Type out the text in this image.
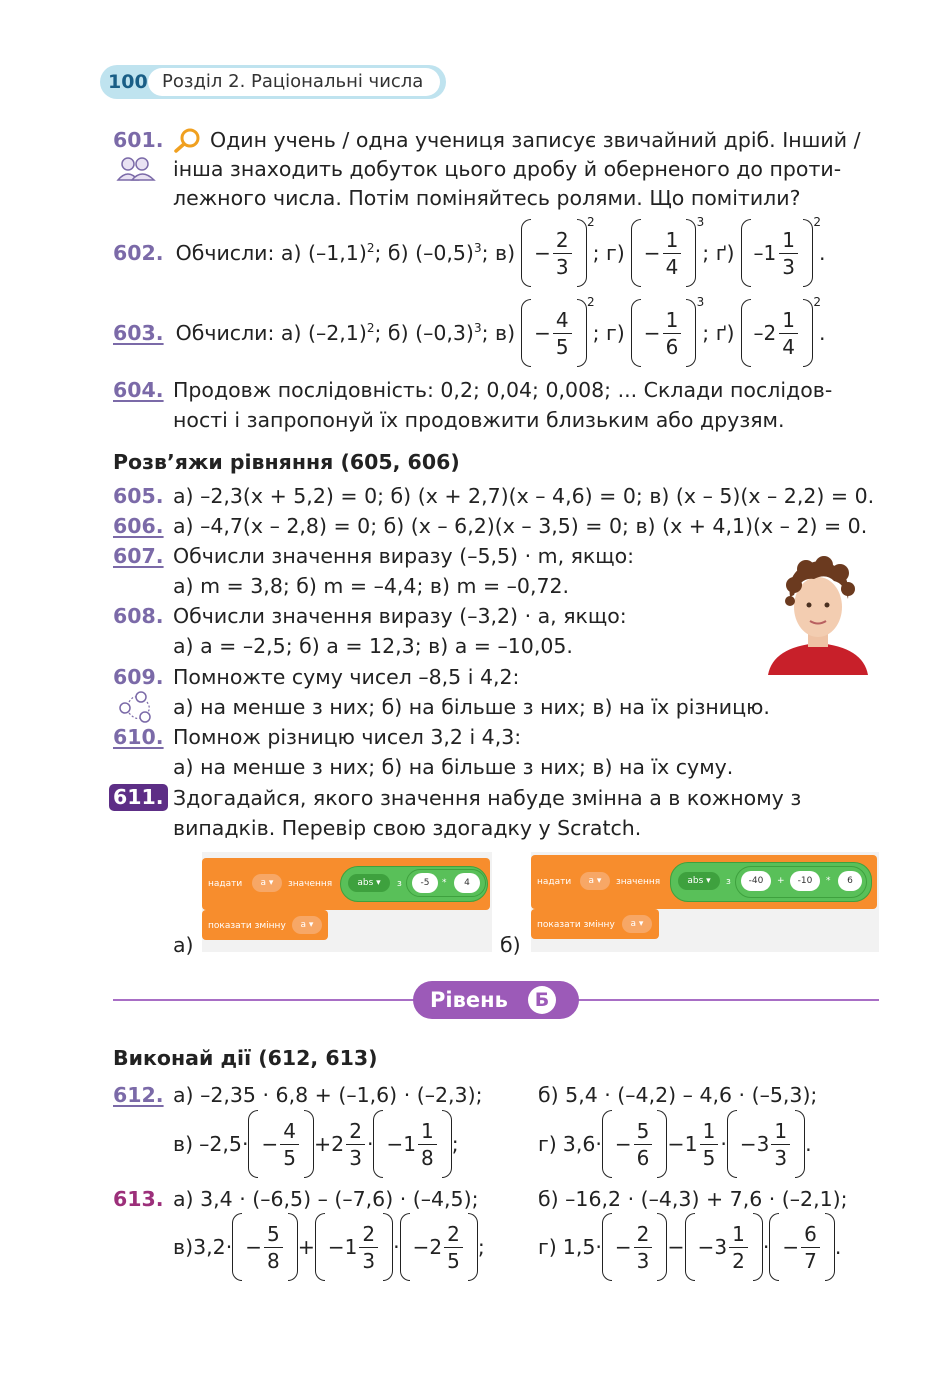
100 Розділ 2. Раціональні числа
601. Один учень / одна учениця записує звичайний дріб. Інший /
інша знаходить добуток цього дробу й оберненого до проти-
лежного числа. Потім поміняйтесь ролями. Що помітили?
602. Обчисли: а) $(-1,1)^2$; б) $(-0,5)^3$; $в) - \frac{2}{3}$
$^2$
; $г) - \frac{1}{4}$
$^3$
; ґ) $-1 \frac{1}{3}$
$^2$
.
603. Обчисли: а) $(-2,1)^2$; б) $(-0,3)^3$; $в) - \frac{4}{5}$
$^2$
; $г) - \frac{1}{6}$
$^3$
; ґ) $-2 \frac{1}{4}$
$^2$
.
604. Продовж послідовність: 0,2; 0,04; 0,008; ... Склади послідов-
ності і запропонуй їх продовжити близьким або друзям.
Розв’яжи рівняння (605, 606)
605. а) –2,3(x + 5,2) = 0; б) (x + 2,7)(x – 4,6) = 0; в) (x – 5)(x – 2,2) = 0.
606. а) –4,7(x – 2,8) = 0; б) (x – 6,2)(x – 3,5) = 0; в) (x + 4,1)(x – 2) = 0.
607. Обчисли значення виразу (–5,5) · m, якщо:
а) m = 3,8; б) m = –4,4; в) m = –0,72.
608. Обчисли значення виразу (–3,2) · a, якщо:
а) a = –2,5; б) a = 12,3; в) a = –10,05.
609. Помножте суму чисел –8,5 і 4,2:
а) на менше з них; б) на більше з них; в) на їх різницю.
610. Помнож різницю чисел 3,2 і 4,3:
а) на менше з них; б) на більше з них; в) на їх суму.
611. Здогадайся, якого значення набуде змінна a в кожному з
випадків. Перевір свою здогадку у Scratch.
а)
надати	a ▾	значення	abs ▾	з	-5	*	4
показати змінну	a ▾
б)
надати	a ▾	значення	abs ▾	з	-40	+	-10	*	6
показати змінну	a ▾
Рівень	Б
Виконай дії (612, 613)
612. а) –2,35 · 6,8 + (–1,6) · (–2,3);	б) 5,4 · (–4,2) – 4,6 · (–5,3);
в) $-2,5\cdot - \frac{4}{5} +2 \frac{2}{3} \cdot -1 \frac{1}{8}$ ;	г) $3,6\cdot - \frac{5}{6} -1 \frac{1}{5} \cdot -3 \frac{1}{3}$ .
613. а) 3,4 · (–6,5) – (–7,6) · (–4,5);	б) –16,2 · (–4,3) + 7,6 · (–2,1);
в) $3,2\cdot - \frac{5}{8} + -1 \frac{2}{3} \cdot -2 \frac{2}{5}$ ;	г) $1,5\cdot - \frac{2}{3} - -3 \frac{1}{2}$ · − $\frac{6}{7}$ .
